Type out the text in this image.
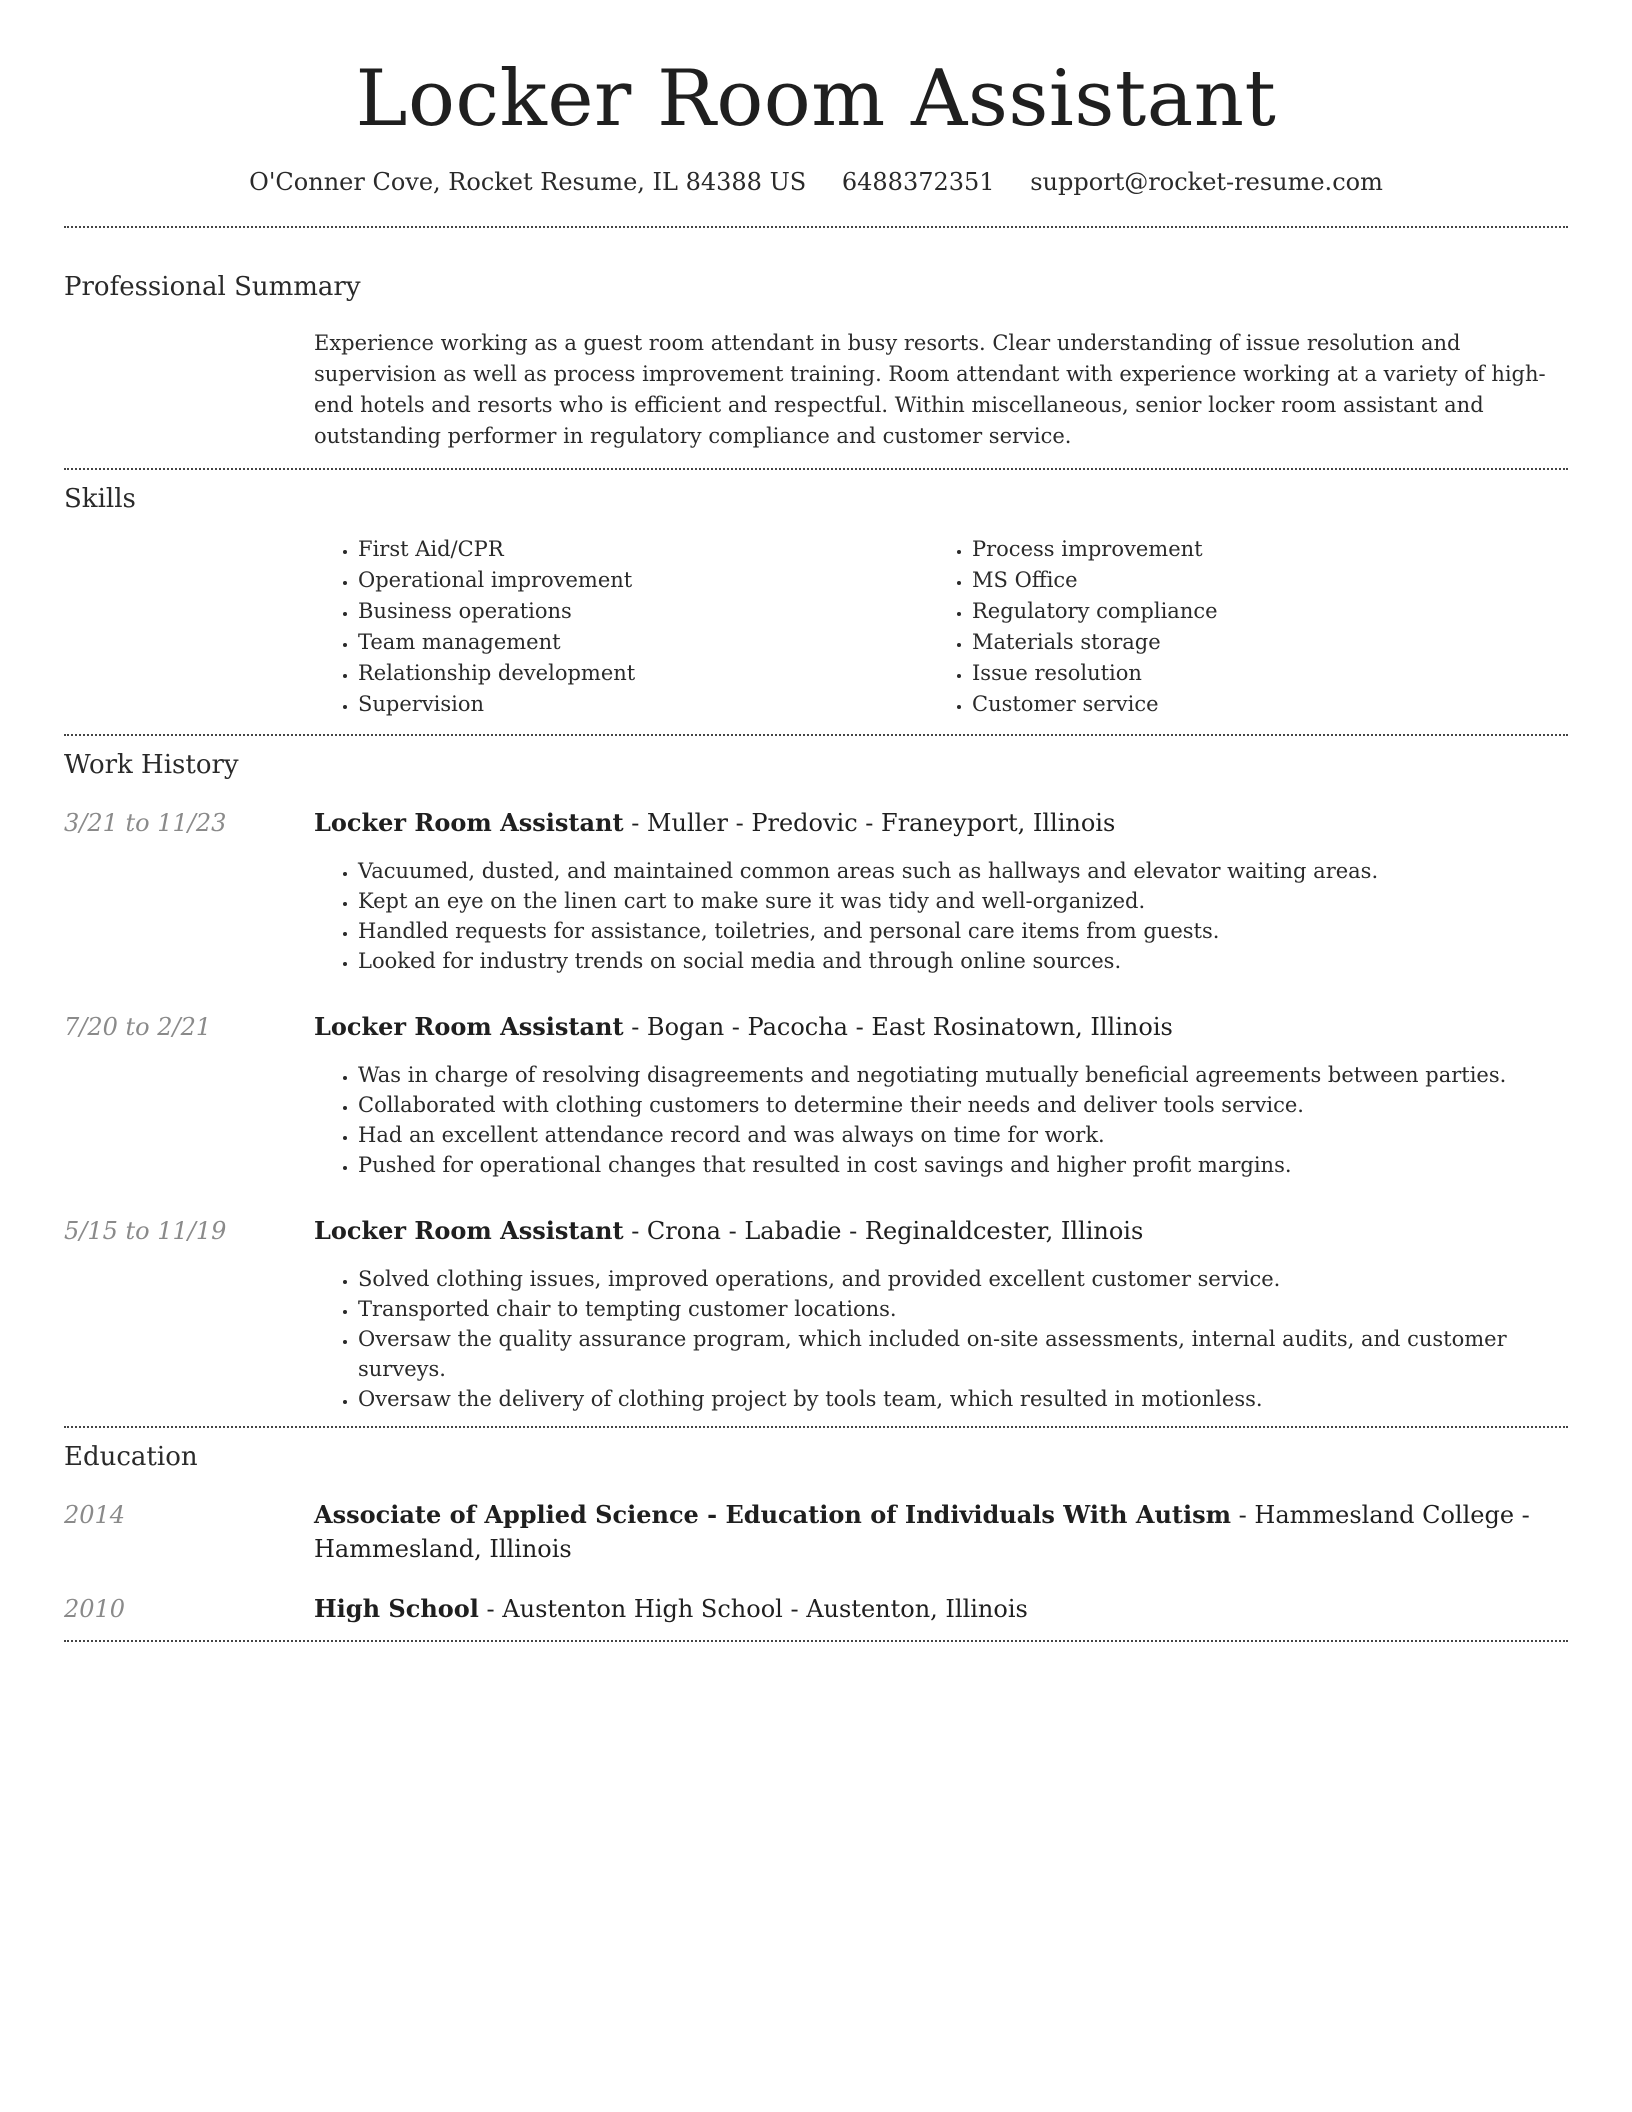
Locker Room Assistant
O'Conner Cove, Rocket Resume, IL 84388 US 6488372351 support@rocket-resume.com
Professional Summary
Experience working as a guest room attendant in busy resorts. Clear understanding of issue resolution and supervision as well as process improvement training. Room attendant with experience working at a variety of high-end hotels and resorts who is efficient and respectful. Within miscellaneous, senior locker room assistant and outstanding performer in regulatory compliance and customer service.
Skills
• First Aid/CPR
• Operational improvement
• Business operations
• Team management
• Relationship development
• Supervision
• Process improvement
• MS Office
• Regulatory compliance
• Materials storage
• Issue resolution
• Customer service
Work History
3/21 to 11/23	Locker Room Assistant - Muller - Predovic - Franeyport, Illinois
• Vacuumed, dusted, and maintained common areas such as hallways and elevator waiting areas.
• Kept an eye on the linen cart to make sure it was tidy and well-organized.
• Handled requests for assistance, toiletries, and personal care items from guests.
• Looked for industry trends on social media and through online sources.
7/20 to 2/21	Locker Room Assistant - Bogan - Pacocha - East Rosinatown, Illinois
• Was in charge of resolving disagreements and negotiating mutually beneficial agreements between parties.
• Collaborated with clothing customers to determine their needs and deliver tools service.
• Had an excellent attendance record and was always on time for work.
• Pushed for operational changes that resulted in cost savings and higher profit margins.
5/15 to 11/19	Locker Room Assistant - Crona - Labadie - Reginaldcester, Illinois
• Solved clothing issues, improved operations, and provided excellent customer service.
• Transported chair to tempting customer locations.
• Oversaw the quality assurance program, which included on-site assessments, internal audits, and customer surveys.
• Oversaw the delivery of clothing project by tools team, which resulted in motionless.
Education
2014	Associate of Applied Science - Education of Individuals With Autism - Hammesland College - Hammesland, Illinois
2010	High School - Austenton High School - Austenton, Illinois
